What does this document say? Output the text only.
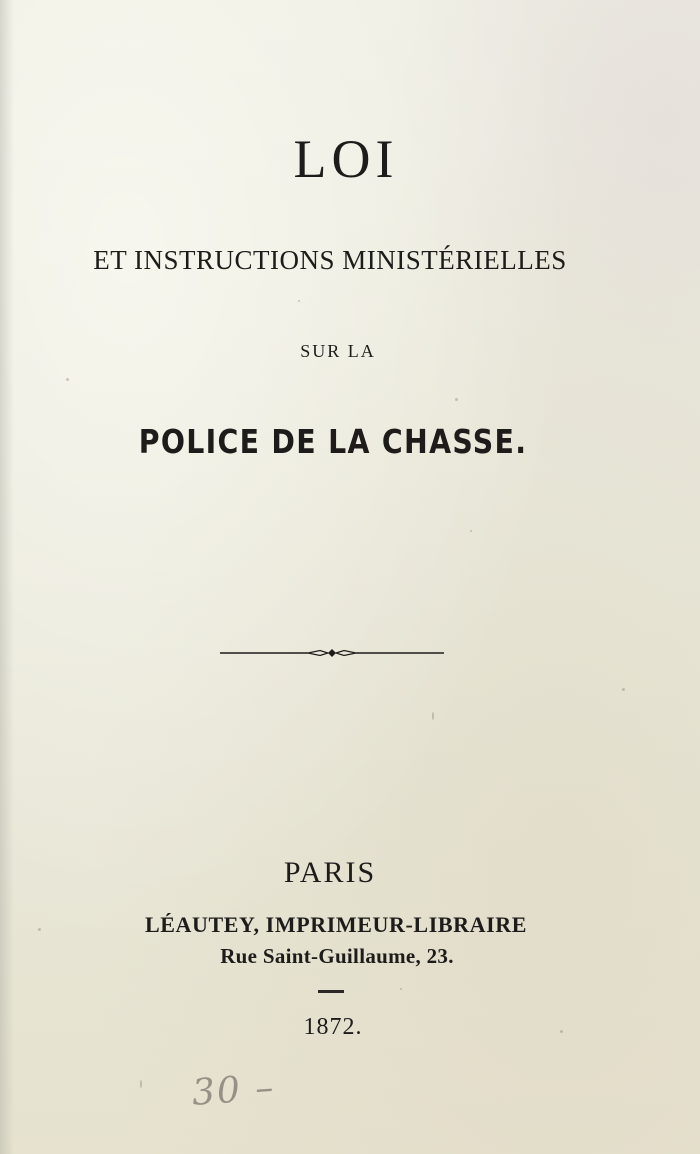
LOI
ET INSTRUCTIONS MINISTÉRIELLES
SUR LA
POLICE DE LA CHASSE.
PARIS
LÉAUTEY, IMPRIMEUR-LIBRAIRE
Rue Saint-Guillaume, 23.
1872.
30 –
